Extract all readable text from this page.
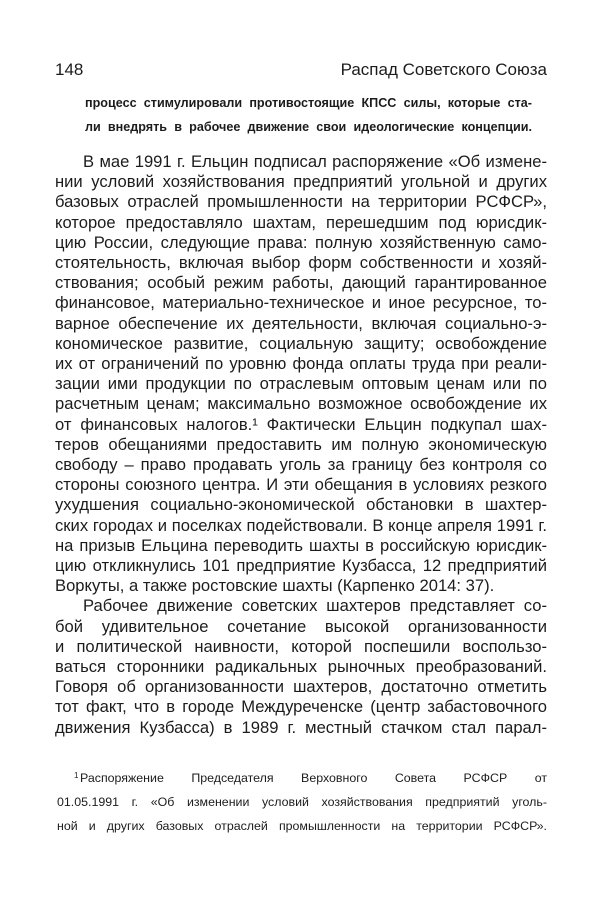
148	Распад Советского Союза
процесс стимулировали противостоящие КПСС силы, которые ста-
ли внедрять в рабочее движение свои идеологические концепции.
В мае 1991 г. Ельцин подписал распоряжение «Об измене-
нии условий хозяйствования предприятий угольной и других
базовых отраслей промышленности на территории РСФСР»,
которое предоставляло шахтам, перешедшим под юрисдик-
цию России, следующие права: полную хозяйственную само-
стоятельность, включая выбор форм собственности и хозяй-
ствования; особый режим работы, дающий гарантированное
финансовое, материально-техническое и иное ресурсное, то-
варное обеспечение их деятельности, включая социально-э-
кономическое развитие, социальную защиту; освобождение
их от ограничений по уровню фонда оплаты труда при реали-
зации ими продукции по отраслевым оптовым ценам или по
расчетным ценам; максимально возможное освобождение их
от финансовых налогов.¹ Фактически Ельцин подкупал шах-
теров обещаниями предоставить им полную экономическую
свободу – право продавать уголь за границу без контроля со
стороны союзного центра. И эти обещания в условиях резкого
ухудшения социально-экономической обстановки в шахтер-
ских городах и поселках подействовали. В конце апреля 1991 г.
на призыв Ельцина переводить шахты в российскую юрисдик-
цию откликнулись 101 предприятие Кузбасса, 12 предприятий
Воркуты, а также ростовские шахты (Карпенко 2014: 37).
Рабочее движение советских шахтеров представляет со-
бой удивительное сочетание высокой организованности
и политической наивности, которой поспешили воспользо-
ваться сторонники радикальных рыночных преобразований.
Говоря об организованности шахтеров, достаточно отметить
тот факт, что в городе Междуреченске (центр забастовочного
движения Кузбасса) в 1989 г. местный стачком стал парал-
Распоряжение Председателя Верховного Совета РСФСР от
1
01.05.1991 г. «Об изменении условий хозяйствования предприятий уголь-
ной и других базовых отраслей промышленности на территории РСФСР».
